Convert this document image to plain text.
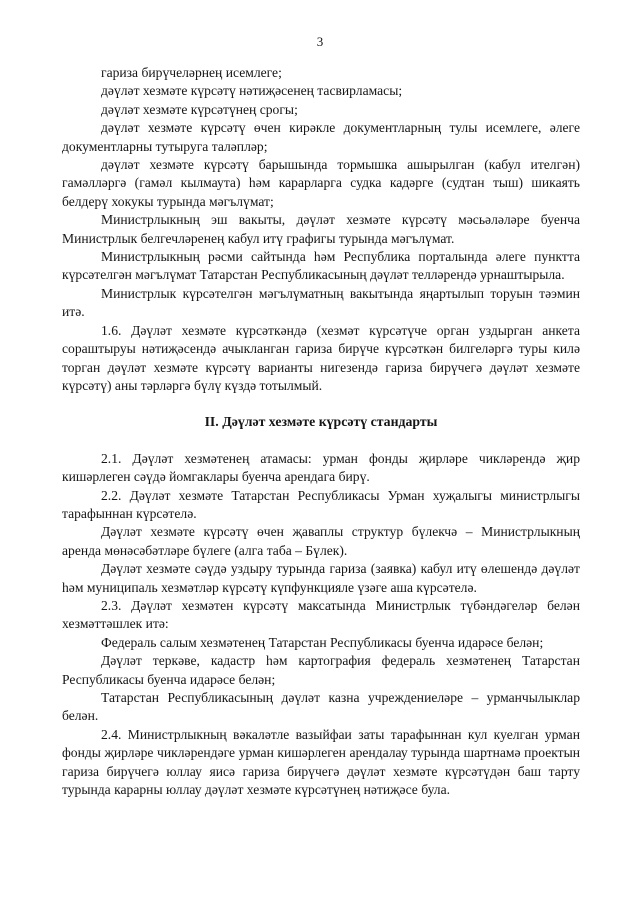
3

гариза бирүчеләрнең исемлеге;

дәүләт хезмәте күрсәтү нәтиҗәсенең тасвирламасы;

дәүләт хезмәте күрсәтүнең срогы;

дәүләт хезмәте күрсәтү өчен кирәкле документларның тулы исемлеге, әлеге документларны тутыруга таләпләр;

дәүләт хезмәте күрсәтү барышында тормышка ашырылган (кабул ителгән) гамәлләргә (гамәл кылмаута) һәм карарларга судка кадәрге (судтан тыш) шикаять белдерү хокукы турында мәгълүмат;

Министрлыкның эш вакыты, дәүләт хезмәте күрсәтү мәсьәләләре буенча Министрлык белгечләренең кабул итү графигы турында мәгълүмат.

Министрлыкның рәсми сайтында һәм Республика порталында әлеге пунктта күрсәтелгән мәгълүмат Татарстан Республикасының дәүләт телләрендә урнаштырыла.

Министрлык күрсәтелгән мәгълүматның вакытында яңартылып торуын тәэмин итә.

1.6. Дәүләт хезмәте күрсәткәндә (хезмәт күрсәтүче орган уздырган анкета сораштыруы нәтиҗәсендә ачыкланган гариза бирүче күрсәткән билгеләргә туры килә торган дәүләт хезмәте күрсәтү варианты нигезендә гариза бирүчегә дәүләт хезмәте күрсәтү) аны тәрләргә бүлү күздә тотылмый.

II. Дәүләт хезмәте күрсәтү стандарты

2.1. Дәүләт хезмәтенең атамасы: урман фонды җирләре чикләрендә җир кишәрлеген сәүдә йомгаклары буенча арендага бирү.

2.2. Дәүләт хезмәте Татарстан Республикасы Урман хуҗалыгы министрлыгы тарафыннан күрсәтелә.

Дәүләт хезмәте күрсәтү өчен җаваплы структур бүлекчә – Министрлыкның аренда мөнәсәбәтләре бүлеге (алга таба – Бүлек).

Дәүләт хезмәте сәүдә уздыру турында гариза (заявка) кабул итү өлешендә дәүләт һәм муниципаль хезмәтләр күрсәтү күпфункцияле үзәге аша күрсәтелә.

2.3. Дәүләт хезмәтен күрсәтү максатында Министрлык түбәндәгеләр белән хезмәттәшлек итә:

Федераль салым хезмәтенең Татарстан Республикасы буенча идарәсе белән;

Дәүләт теркәве, кадастр һәм картография федераль хезмәтенең Татарстан Республикасы буенча идарәсе белән;

Татарстан Республикасының дәүләт казна учреждениеләре – урманчылыклар белән.

2.4. Министрлыкның вәкаләтле вазыйфаи заты тарафыннан кул куелган урман фонды җирләре чикләрендәге урман кишәрлеген арендалау турында шартнамә проектын гариза бирүчегә юллау яисә гариза бирүчегә дәүләт хезмәте күрсәтүдән баш тарту турында карарны юллау дәүләт хезмәте күрсәтүнең нәтиҗәсе була.
